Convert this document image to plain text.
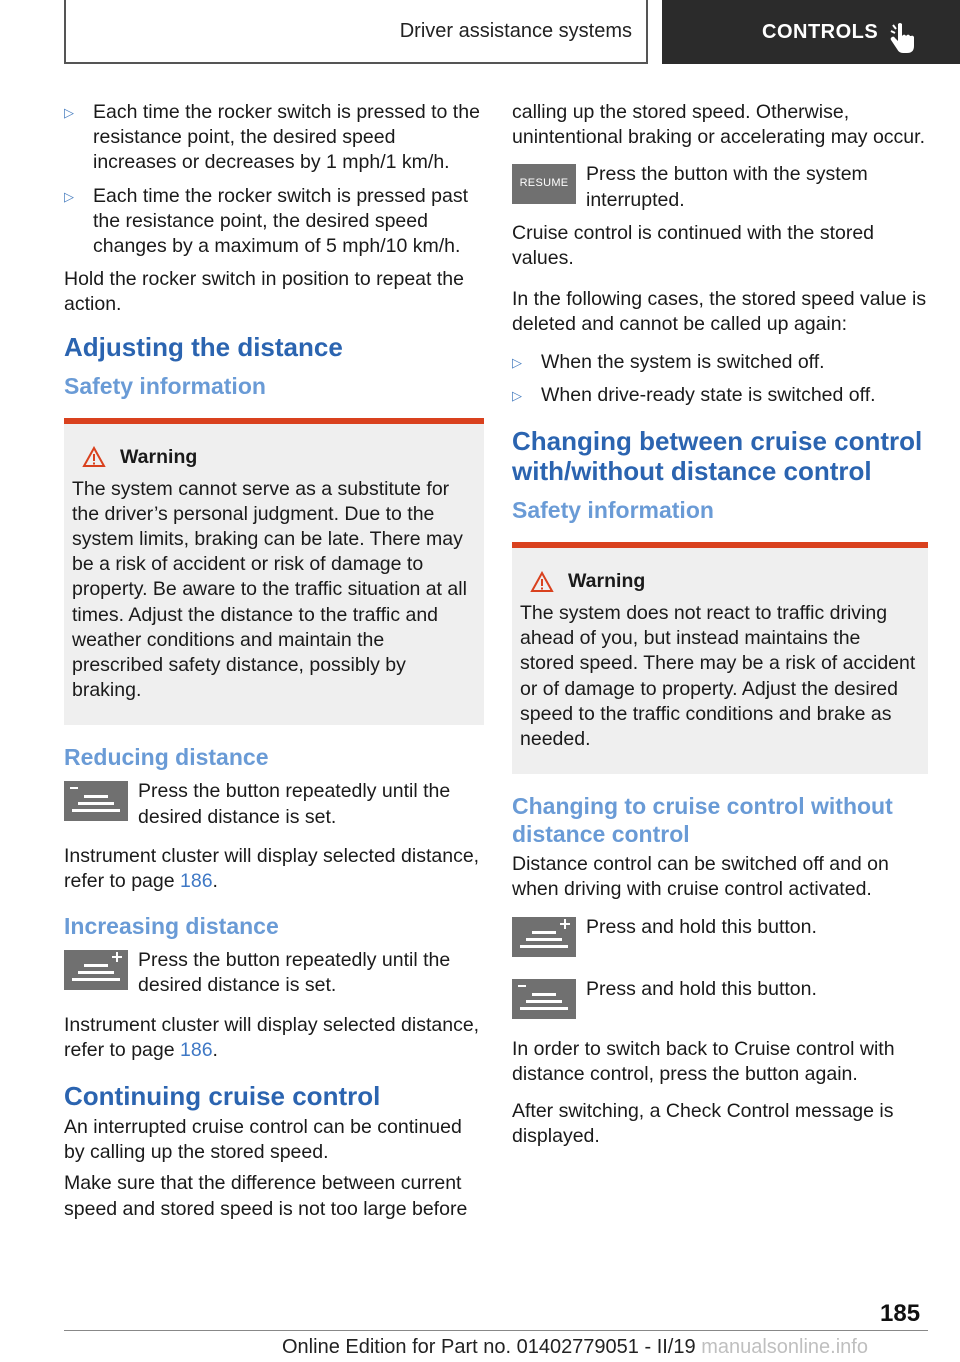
Driver assistance systems	CONTROLS
▷ Each time the rocker switch is pressed to the resistance point, the desired speed increases or decreases by 1 mph/1 km/h.

▷ Each time the rocker switch is pressed past the resistance point, the desired speed changes by a maximum of 5 mph/10 km/h.

Hold the rocker switch in position to repeat the action.

Adjusting the distance
Safety information
Warning

The system cannot serve as a substitute for the driver’s personal judgment. Due to the system limits, braking can be late. There may be a risk of accident or risk of damage to property. Be aware to the traffic situation at all times. Adjust the distance to the traffic and weather conditions and maintain the prescribed safety distance, possibly by braking.

Reducing distance

Press the button repeatedly until the desired distance is set.

Instrument cluster will display selected distance, refer to page 186.

Increasing distance

Press the button repeatedly until the desired distance is set.

Instrument cluster will display selected distance, refer to page 186.

Continuing cruise control

An interrupted cruise control can be continued by calling up the stored speed.

Make sure that the difference between current speed and stored speed is not too large before

calling up the stored speed. Otherwise, unintentional braking or accelerating may occur.

RESUME Press the button with the system interrupted.

Cruise control is continued with the stored values.

In the following cases, the stored speed value is deleted and cannot be called up again:

▷ When the system is switched off.

▷ When drive-ready state is switched off.

Changing between cruise control with/without distance control
Safety information
Warning

The system does not react to traffic driving ahead of you, but instead maintains the stored speed. There may be a risk of accident or of damage to property. Adjust the desired speed to the traffic conditions and brake as needed.

Changing to cruise control without distance control

Distance control can be switched off and on when driving with cruise control activated.

Press and hold this button.

Press and hold this button.

In order to switch back to Cruise control with distance control, press the button again.

After switching, a Check Control message is displayed.

185
Online Edition for Part no. 01402779051 - II/19 manualsonline.info
